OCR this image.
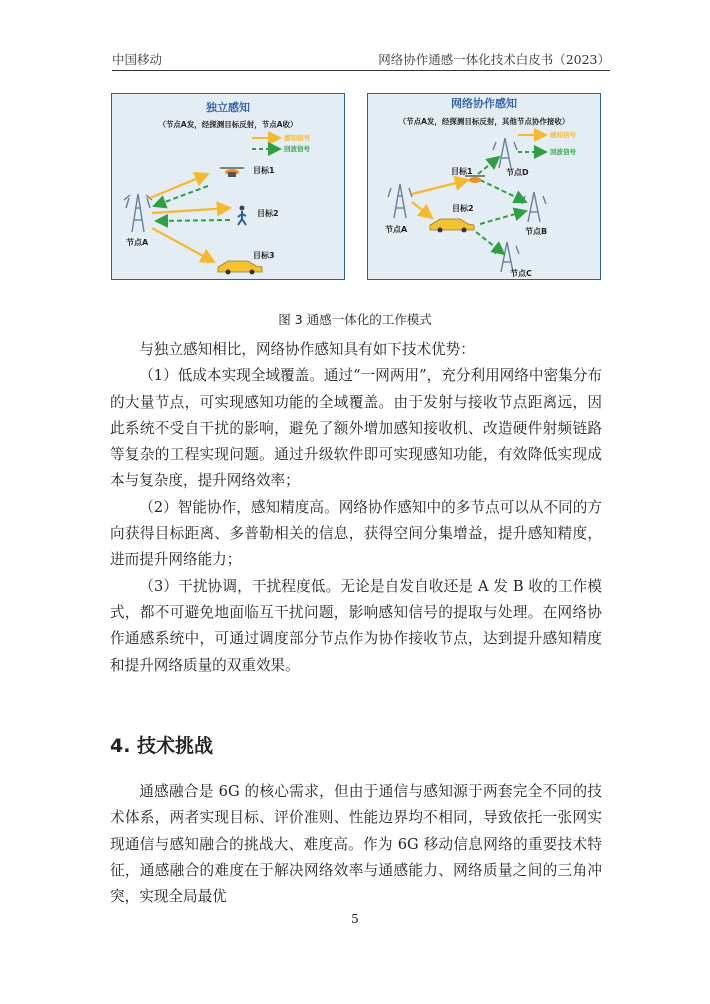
中国移动	网络协作通感一体化技术白皮书（2023）
独立感知
（节点A发，经探测目标反射，节点A收）
感知信号
回波信号
节点A
目标1
目标2
目标3
网络协作感知
（节点A发，经探测目标反射，其他节点协作接收）
感知信号
回波信号
节点A
节点D
节点B
节点C
目标1
目标2
图 3 通感一体化的工作模式

与独立感知相比，网络协作感知具有如下技术优势：

（1）低成本实现全域覆盖。通过“一网两用”，充分利用网络中密集分布的大量节点，可实现感知功能的全域覆盖。由于发射与接收节点距离远，因此系统不受自干扰的影响，避免了额外增加感知接收机、改造硬件射频链路等复杂的工程实现问题。通过升级软件即可实现感知功能，有效降低实现成本与复杂度，提升网络效率；

（2）智能协作，感知精度高。网络协作感知中的多节点可以从不同的方向获得目标距离、多普勒相关的信息，获得空间分集增益，提升感知精度，进而提升网络能力；

（3）干扰协调，干扰程度低。无论是自发自收还是 A 发 B 收的工作模式，都不可避免地面临互干扰问题，影响感知信号的提取与处理。在网络协作通感系统中，可通过调度部分节点作为协作接收节点，达到提升感知精度和提升网络质量的双重效果。

4. 技术挑战

通感融合是 6G 的核心需求，但由于通信与感知源于两套完全不同的技术体系，两者实现目标、评价准则、性能边界均不相同，导致依托一张网实现通信与感知融合的挑战大、难度高。作为 6G 移动信息网络的重要技术特征，通感融合的难度在于解决网络效率与通感能力、网络质量之间的三角冲突，实现全局最优

5
